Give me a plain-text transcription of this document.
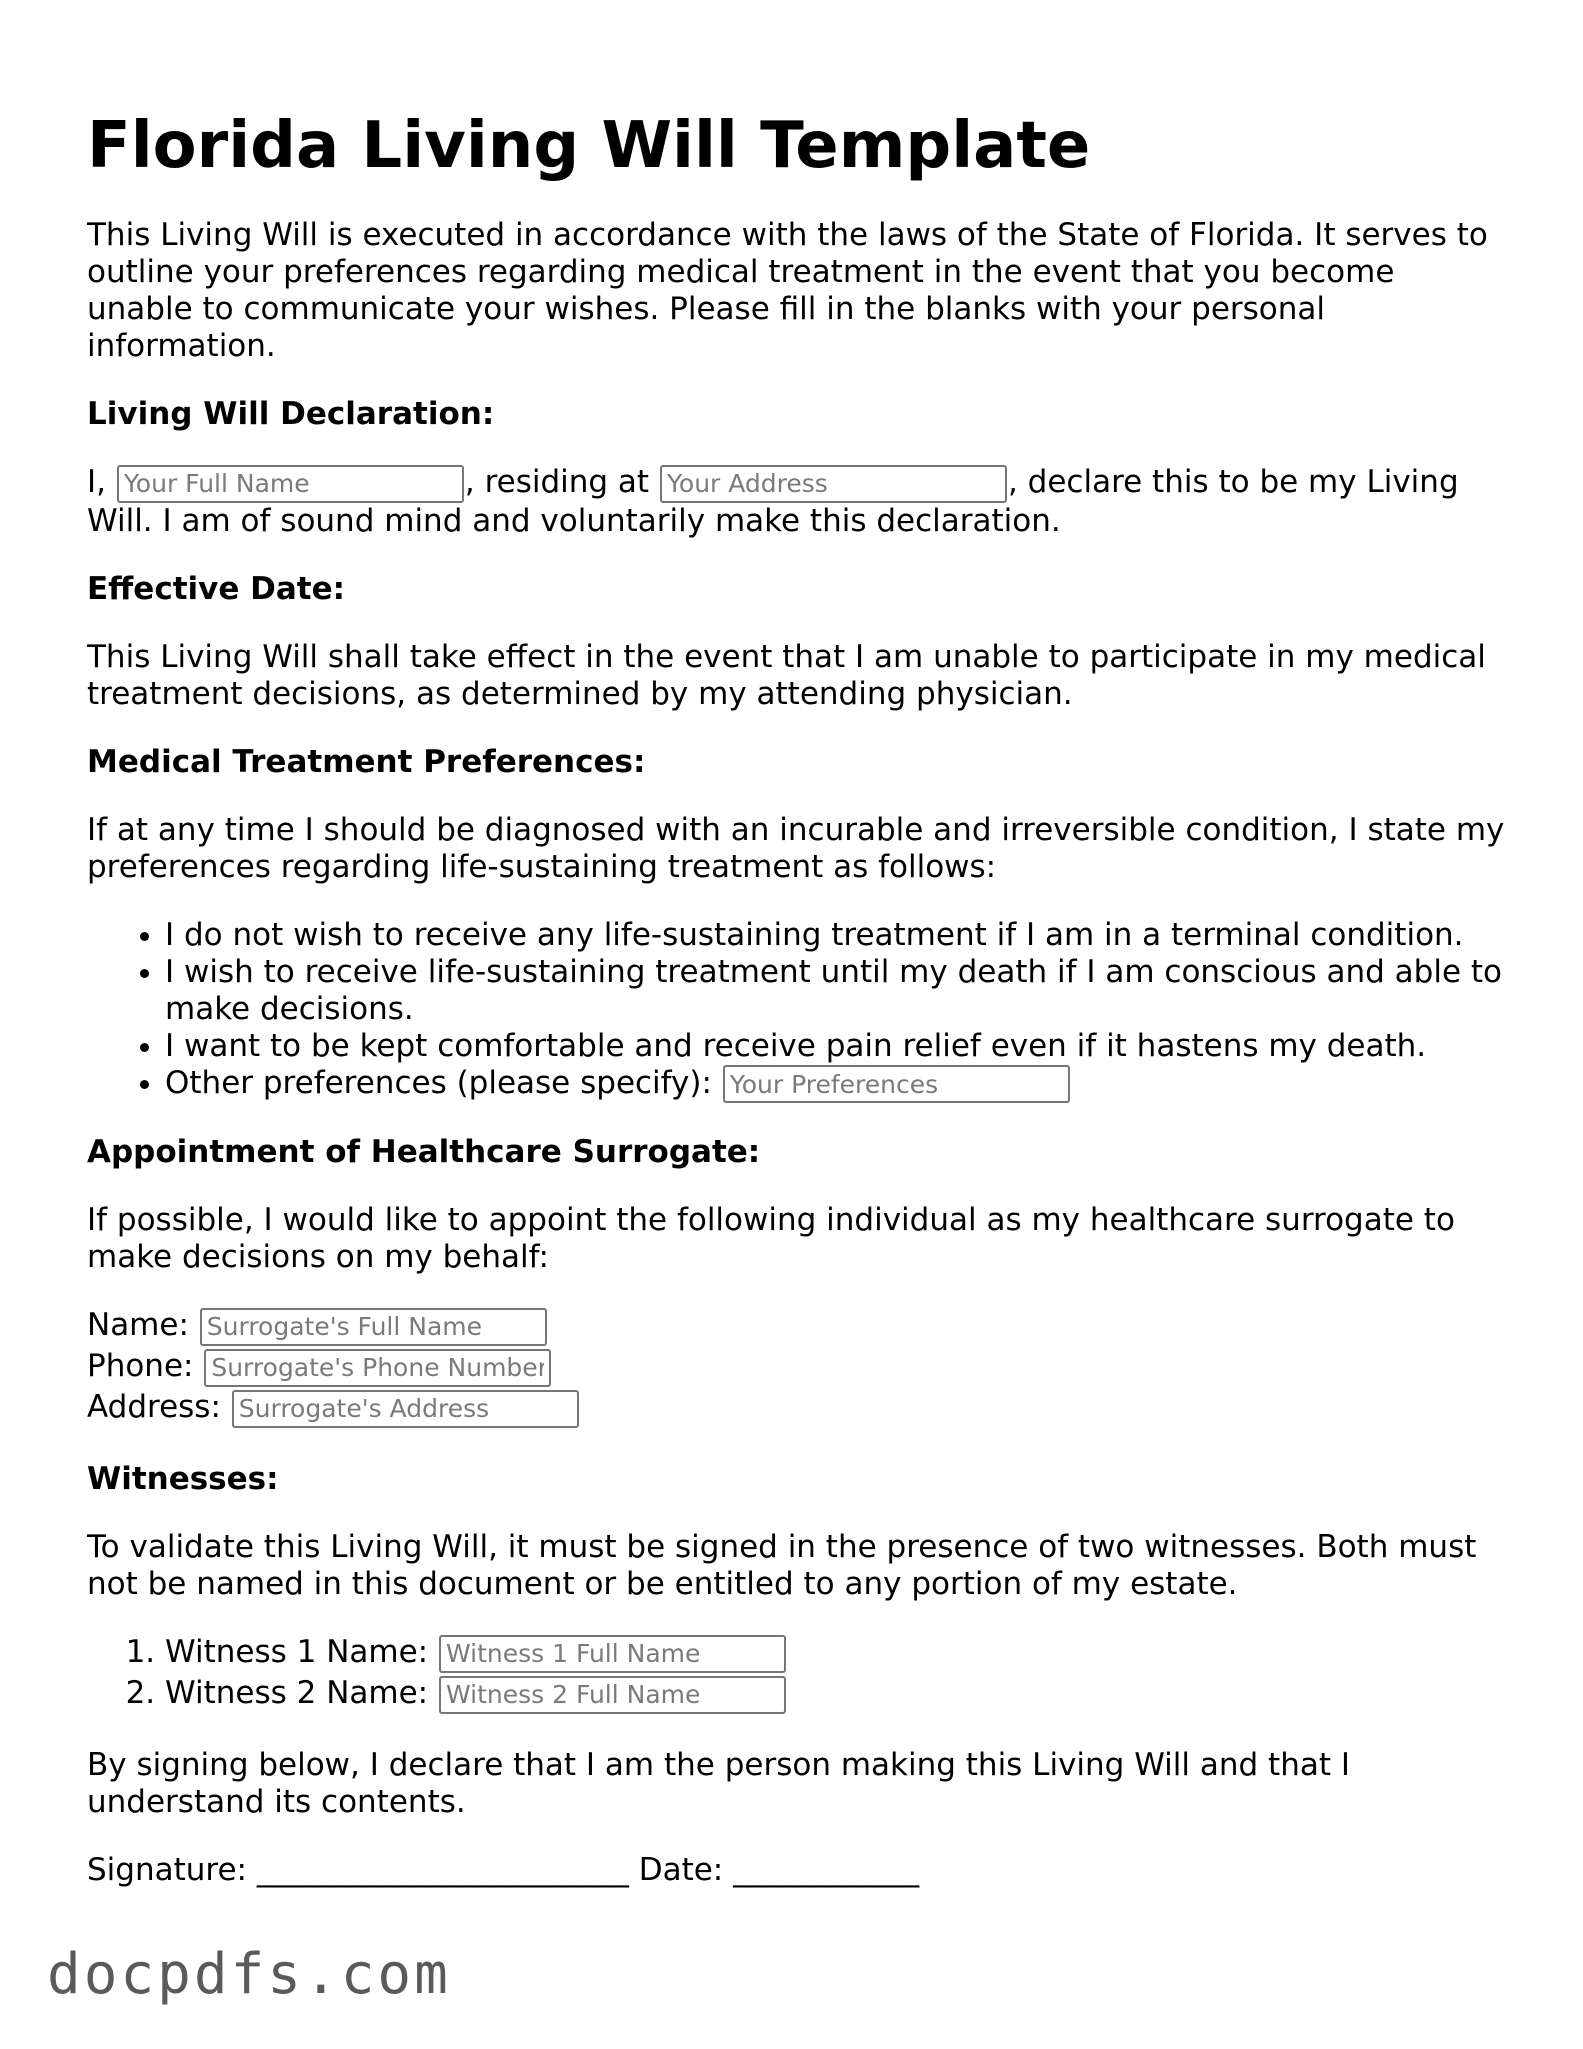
Florida Living Will Template

This Living Will is executed in accordance with the laws of the State of Florida. It serves to outline your preferences regarding medical treatment in the event that you become unable to communicate your wishes. Please fill in the blanks with your personal information.

Living Will Declaration:

I, Your Full Name	, residing at Your Address	, declare this to be my Living Will. I am of sound mind and voluntarily make this declaration.

Effective Date:

This Living Will shall take effect in the event that I am unable to participate in my medical treatment decisions, as determined by my attending physician.

Medical Treatment Preferences:

If at any time I should be diagnosed with an incurable and irreversible condition, I state my preferences regarding life-sustaining treatment as follows:

• I do not wish to receive any life-sustaining treatment if I am in a terminal condition.
• I wish to receive life-sustaining treatment until my death if I am conscious and able to make decisions.
• I want to be kept comfortable and receive pain relief even if it hastens my death.
• Other preferences (please specify): Your Preferences
Appointment of Healthcare Surrogate:

If possible, I would like to appoint the following individual as my healthcare surrogate to make decisions on my behalf:

Name: Surrogate's Full Name
Phone: Surrogate's Phone Number
Address: Surrogate's Address
Witnesses:

To validate this Living Will, it must be signed in the presence of two witnesses. Both must not be named in this document or be entitled to any portion of my estate.

1. Witness 1 Name: Witness 1 Full Name
2. Witness 2 Name: Witness 2 Full Name

By signing below, I declare that I am the person making this Living Will and that I understand its contents.

Signature: ________________________ Date: ____________

docpdfs.com
